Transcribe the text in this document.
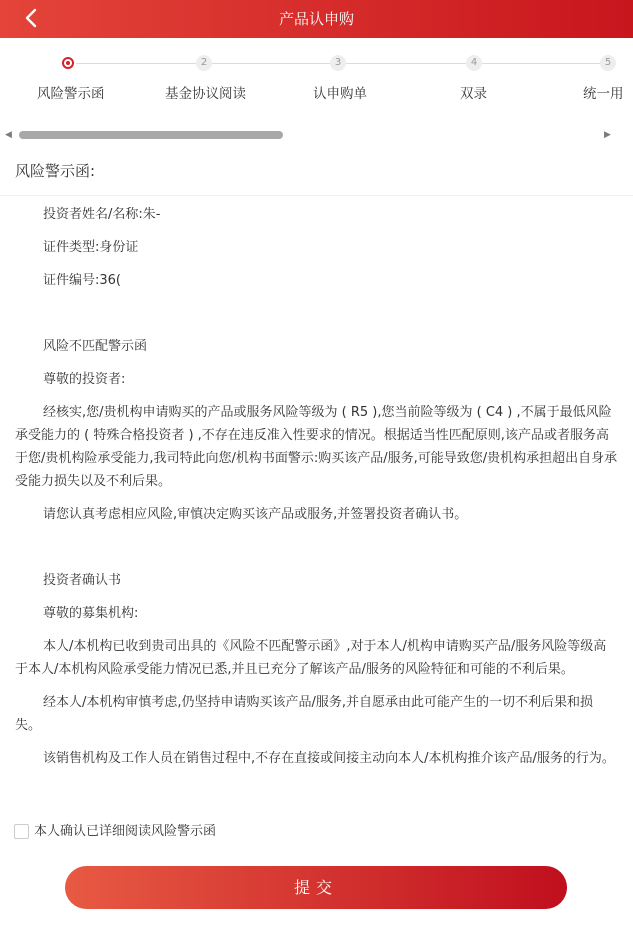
产品认申购
2	3	4	5
风险警示函	基金协议阅读	认申购单	双录	统一用
◀	▶
风险警示函:

投资者姓名/名称:朱-

证件类型:身份证

证件编号:36(

风险不匹配警示函

尊敬的投资者:

经核实,您/贵机构申请购买的产品或服务风险等级为 ( R5 ),您当前险等级为 ( C4 ) ,不属于最低风险承受能力的 ( 特殊合格投资者 ) ,不存在违反准入性要求的情况。根据适当性匹配原则,该产品或者服务高于您/贵机构险承受能力,我司特此向您/机构书面警示:购买该产品/服务,可能导致您/贵机构承担超出自身承受能力损失以及不利后果。

请您认真考虑相应风险,审慎决定购买该产品或服务,并签署投资者确认书。

投资者确认书

尊敬的募集机构:

本人/本机构已收到贵司出具的《风险不匹配警示函》,对于本人/机构申请购买产品/服务风险等级高于本人/本机构风险承受能力情况已悉,并且已充分了解该产品/服务的风险特征和可能的不利后果。

经本人/本机构审慎考虑,仍坚持申请购买该产品/服务,并自愿承由此可能产生的一切不利后果和损失。

该销售机构及工作人员在销售过程中,不存在直接或间接主动向本人/本机构推介该产品/服务的行为。

本人确认已详细阅读风险警示函
提交
